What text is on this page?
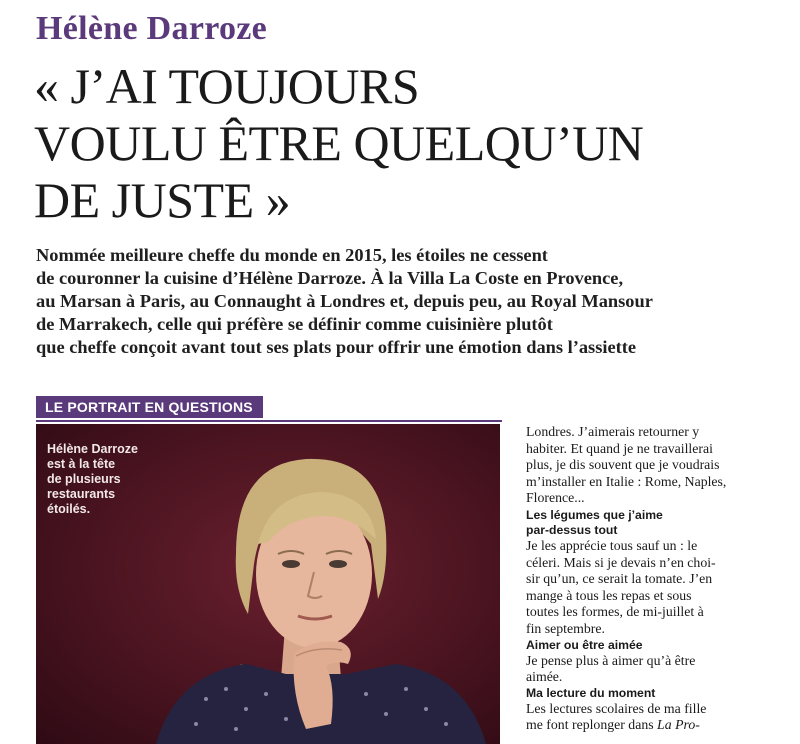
Hélène Darroze
« J’AI TOUJOURS
VOULU ÊTRE QUELQU’UN
DE JUSTE »
Nommée meilleure cheffe du monde en 2015, les étoiles ne cessent
de couronner la cuisine d’Hélène Darroze. À la Villa La Coste en Provence,
au Marsan à Paris, au Connaught à Londres et, depuis peu, au Royal Mansour
de Marrakech, celle qui préfère se définir comme cuisinière plutôt
que cheffe conçoit avant tout ses plats pour offrir une émotion dans l’assiette
LE PORTRAIT EN QUESTIONS
Hélène Darroze
est à la tête
de plusieurs
restaurants
étoilés.
Londres. J’aimerais retourner y
habiter. Et quand je ne travaillerai
plus, je dis souvent que je voudrais
m’installer en Italie : Rome, Naples,
Florence...
Les légumes que j’aime
par-dessus tout
Je les apprécie tous sauf un : le
céleri. Mais si je devais n’en choi-
sir qu’un, ce serait la tomate. J’en
mange à tous les repas et sous
toutes les formes, de mi-juillet à
fin septembre.
Aimer ou être aimée
Je pense plus à aimer qu’à être
aimée.
Ma lecture du moment
Les lectures scolaires de ma fille
me font replonger dans La Pro-
